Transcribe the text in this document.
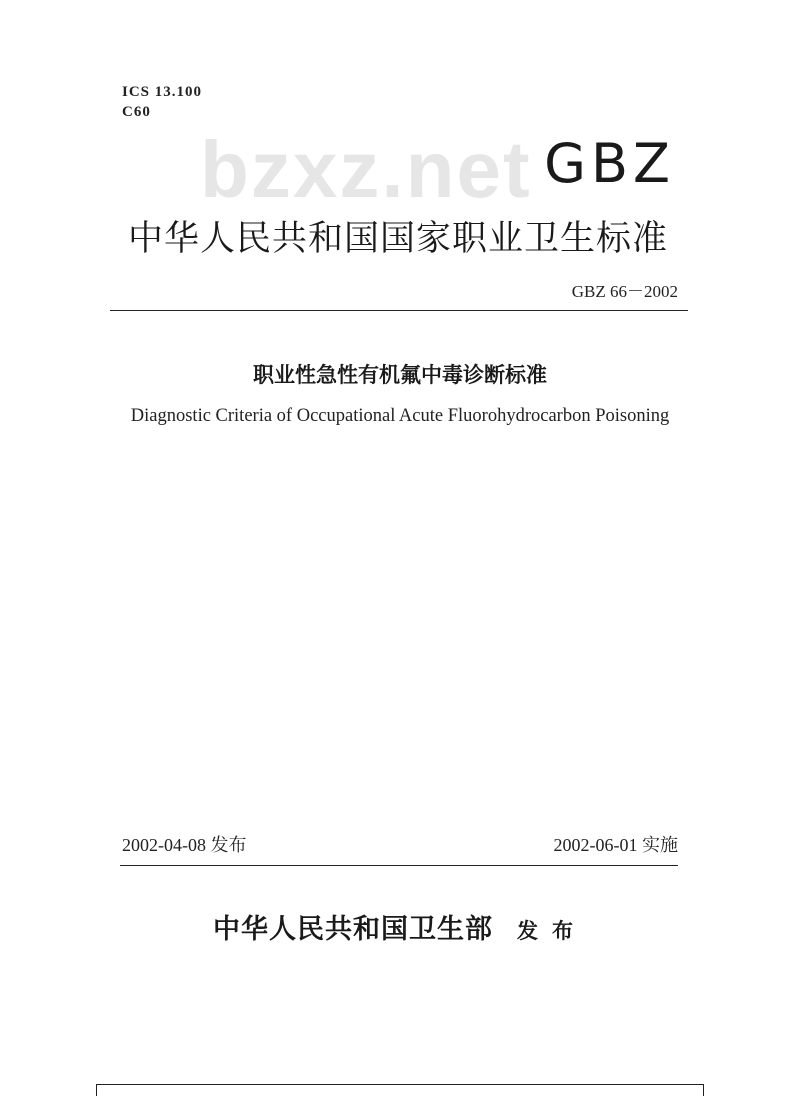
ICS 13.100
C60
bzxz.net GBZ
中华人民共和国国家职业卫生标准
GBZ 66－2002
职业性急性有机氟中毒诊断标准
Diagnostic Criteria of Occupational Acute Fluorohydrocarbon Poisoning
2002-04-08 发布	2002-06-01 实施
中华人民共和国卫生部 发布
